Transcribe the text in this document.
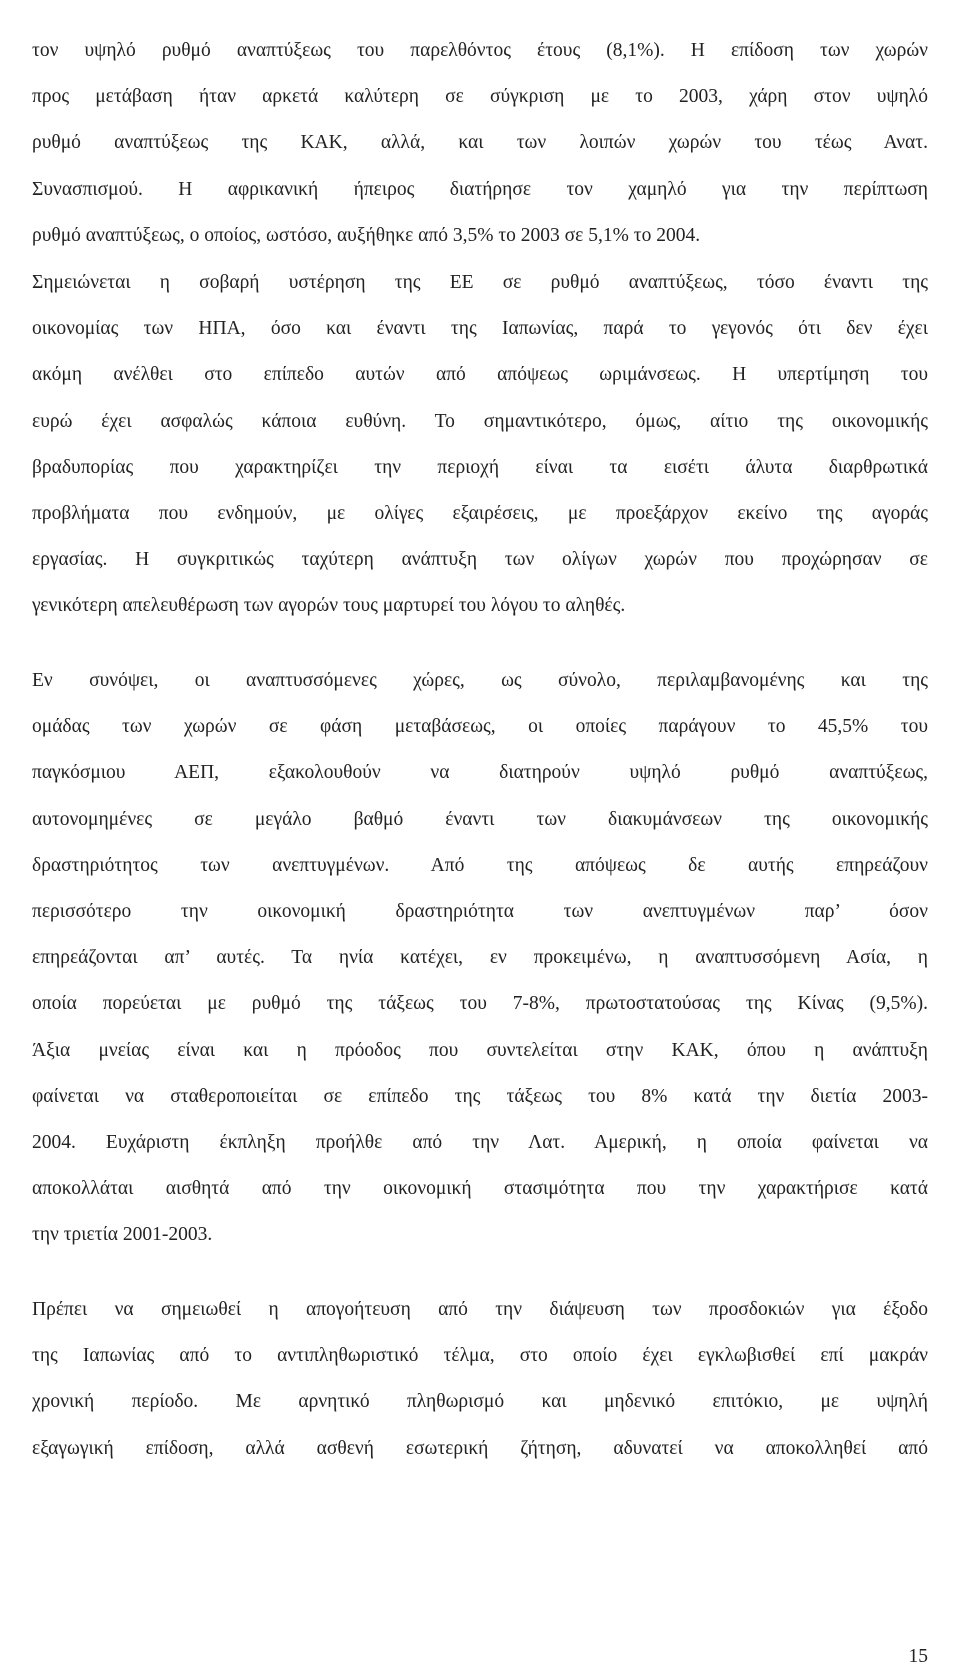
τον υψηλό ρυθμό αναπτύξεως του παρελθόντος έτους (8,1%). Η επίδοση των χωρών
προς μετάβαση ήταν αρκετά καλύτερη σε σύγκριση με το 2003, χάρη στον υψηλό
ρυθμό αναπτύξεως της ΚΑΚ, αλλά, και των λοιπών χωρών του τέως Ανατ.
Συνασπισμού. Η αφρικανική ήπειρος διατήρησε τον χαμηλό για την περίπτωση
ρυθμό αναπτύξεως, ο οποίος, ωστόσο, αυξήθηκε από 3,5% το 2003 σε 5,1% το 2004.
Σημειώνεται η σοβαρή υστέρηση της ΕΕ σε ρυθμό αναπτύξεως, τόσο έναντι της
οικονομίας των ΗΠΑ, όσο και έναντι της Ιαπωνίας, παρά το γεγονός ότι δεν έχει
ακόμη ανέλθει στο επίπεδο αυτών από απόψεως ωριμάνσεως. Η υπερτίμηση του
ευρώ έχει ασφαλώς κάποια ευθύνη. Το σημαντικότερο, όμως, αίτιο της οικονομικής
βραδυπορίας που χαρακτηρίζει την περιοχή είναι τα εισέτι άλυτα διαρθρωτικά
προβλήματα που ενδημούν, με ολίγες εξαιρέσεις, με προεξάρχον εκείνο της αγοράς
εργασίας. Η συγκριτικώς ταχύτερη ανάπτυξη των ολίγων χωρών που προχώρησαν σε
γενικότερη απελευθέρωση των αγορών τους μαρτυρεί του λόγου το αληθές.
Εν συνόψει, οι αναπτυσσόμενες χώρες, ως σύνολο, περιλαμβανομένης και της
ομάδας των χωρών σε φάση μεταβάσεως, οι οποίες παράγουν το 45,5% του
παγκόσμιου ΑΕΠ, εξακολουθούν να διατηρούν υψηλό ρυθμό αναπτύξεως,
αυτονομημένες σε μεγάλο βαθμό έναντι των διακυμάνσεων της οικονομικής
δραστηριότητος των ανεπτυγμένων. Από της απόψεως δε αυτής επηρεάζουν
περισσότερο την οικονομική δραστηριότητα των ανεπτυγμένων παρ’ όσον
επηρεάζονται απ’ αυτές. Τα ηνία κατέχει, εν προκειμένω, η αναπτυσσόμενη Ασία, η
οποία πορεύεται με ρυθμό της τάξεως του 7-8%, πρωτοστατούσας της Κίνας (9,5%).
Άξια μνείας είναι και η πρόοδος που συντελείται στην ΚΑΚ, όπου η ανάπτυξη
φαίνεται να σταθεροποιείται σε επίπεδο της τάξεως του 8% κατά την διετία 2003-
2004. Ευχάριστη έκπληξη προήλθε από την Λατ. Αμερική, η οποία φαίνεται να
αποκολλάται αισθητά από την οικονομική στασιμότητα που την χαρακτήρισε κατά
την τριετία 2001-2003.
Πρέπει να σημειωθεί η απογοήτευση από την διάψευση των προσδοκιών για έξοδο
της Ιαπωνίας από το αντιπληθωριστικό τέλμα, στο οποίο έχει εγκλωβισθεί επί μακράν
χρονική περίοδο. Με αρνητικό πληθωρισμό και μηδενικό επιτόκιο, με υψηλή
εξαγωγική επίδοση, αλλά ασθενή εσωτερική ζήτηση, αδυνατεί να αποκολληθεί από
15
